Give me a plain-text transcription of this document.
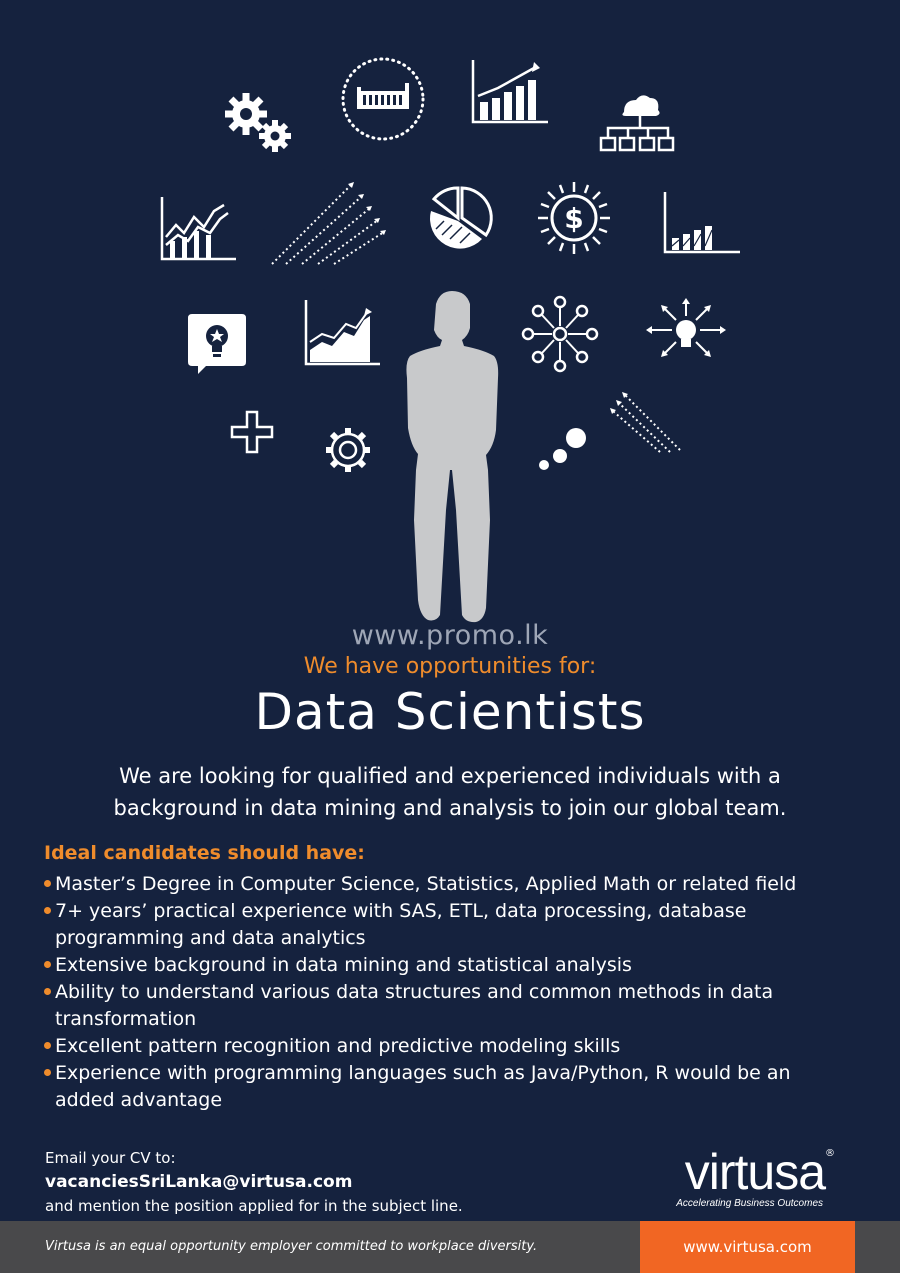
$
www.promo.lk
We have opportunities for:
Data Scientists
We are looking for qualified and experienced individuals with a background in data mining and analysis to join our global team.
Ideal candidates should have:
Master’s Degree in Computer Science, Statistics, Applied Math or related field
7+ years’ practical experience with SAS, ETL, data processing, database programming and data analytics
Extensive background in data mining and statistical analysis
Ability to understand various data structures and common methods in data transformation
Excellent pattern recognition and predictive modeling skills
Experience with programming languages such as Java/Python, R would be an added advantage
Email your CV to:
vacanciesSriLanka@virtusa.com
and mention the position applied for in the subject line.
virtusa®
Accelerating Business Outcomes
Virtusa is an equal opportunity employer committed to workplace diversity.	www.virtusa.com
